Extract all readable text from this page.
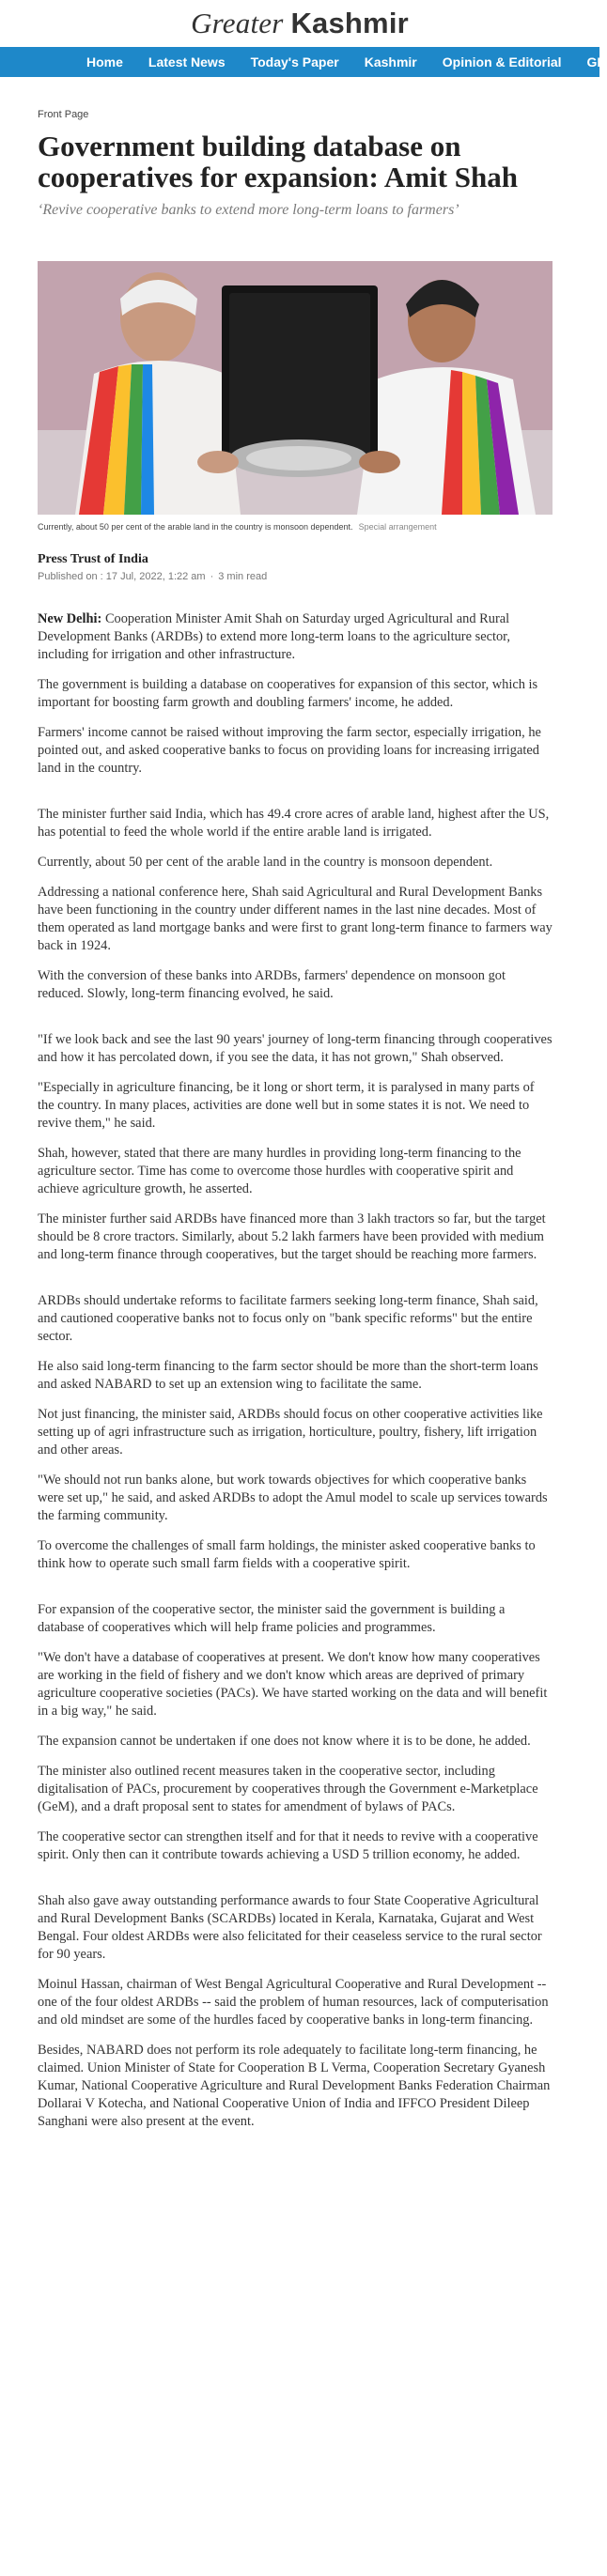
Greater Kashmir
Home Latest News Today's Paper Kashmir Opinion & Editorial GK
Front Page
Government building database on cooperatives for expansion: Amit Shah
‘Revive cooperative banks to extend more long-term loans to farmers’
Currently, about 50 per cent of the arable land in the country is monsoon dependent. Special arrangement
Press Trust of India
Published on : 17 Jul, 2022, 1:22 am · 3 min read

New Delhi: Cooperation Minister Amit Shah on Saturday urged Agricultural and Rural Development Banks (ARDBs) to extend more long-term loans to the agriculture sector, including for irrigation and other infrastructure.

The government is building a database on cooperatives for expansion of this sector, which is important for boosting farm growth and doubling farmers' income, he added.

Farmers' income cannot be raised without improving the farm sector, especially irrigation, he pointed out, and asked cooperative banks to focus on providing loans for increasing irrigated land in the country.

The minister further said India, which has 49.4 crore acres of arable land, highest after the US, has potential to feed the whole world if the entire arable land is irrigated.

Currently, about 50 per cent of the arable land in the country is monsoon dependent.

Addressing a national conference here, Shah said Agricultural and Rural Development Banks have been functioning in the country under different names in the last nine decades. Most of them operated as land mortgage banks and were first to grant long-term finance to farmers way back in 1924.

With the conversion of these banks into ARDBs, farmers' dependence on monsoon got reduced. Slowly, long-term financing evolved, he said.

"If we look back and see the last 90 years' journey of long-term financing through cooperatives and how it has percolated down, if you see the data, it has not grown," Shah observed.

"Especially in agriculture financing, be it long or short term, it is paralysed in many parts of the country. In many places, activities are done well but in some states it is not. We need to revive them," he said.

Shah, however, stated that there are many hurdles in providing long-term financing to the agriculture sector. Time has come to overcome those hurdles with cooperative spirit and achieve agriculture growth, he asserted.

The minister further said ARDBs have financed more than 3 lakh tractors so far, but the target should be 8 crore tractors. Similarly, about 5.2 lakh farmers have been provided with medium and long-term finance through cooperatives, but the target should be reaching more farmers.

ARDBs should undertake reforms to facilitate farmers seeking long-term finance, Shah said, and cautioned cooperative banks not to focus only on "bank specific reforms" but the entire sector.

He also said long-term financing to the farm sector should be more than the short-term loans and asked NABARD to set up an extension wing to facilitate the same.

Not just financing, the minister said, ARDBs should focus on other cooperative activities like setting up of agri infrastructure such as irrigation, horticulture, poultry, fishery, lift irrigation and other areas.

"We should not run banks alone, but work towards objectives for which cooperative banks were set up," he said, and asked ARDBs to adopt the Amul model to scale up services towards the farming community.

To overcome the challenges of small farm holdings, the minister asked cooperative banks to think how to operate such small farm fields with a cooperative spirit.

For expansion of the cooperative sector, the minister said the government is building a database of cooperatives which will help frame policies and programmes.

"We don't have a database of cooperatives at present. We don't know how many cooperatives are working in the field of fishery and we don't know which areas are deprived of primary agriculture cooperative societies (PACs). We have started working on the data and will benefit in a big way," he said.

The expansion cannot be undertaken if one does not know where it is to be done, he added.

The minister also outlined recent measures taken in the cooperative sector, including digitalisation of PACs, procurement by cooperatives through the Government e-Marketplace (GeM), and a draft proposal sent to states for amendment of bylaws of PACs.

The cooperative sector can strengthen itself and for that it needs to revive with a cooperative spirit. Only then can it contribute towards achieving a USD 5 trillion economy, he added.

Shah also gave away outstanding performance awards to four State Cooperative Agricultural and Rural Development Banks (SCARDBs) located in Kerala, Karnataka, Gujarat and West Bengal. Four oldest ARDBs were also felicitated for their ceaseless service to the rural sector for 90 years.

Moinul Hassan, chairman of West Bengal Agricultural Cooperative and Rural Development -- one of the four oldest ARDBs -- said the problem of human resources, lack of computerisation and old mindset are some of the hurdles faced by cooperative banks in long-term financing.

Besides, NABARD does not perform its role adequately to facilitate long-term financing, he claimed. Union Minister of State for Cooperation B L Verma, Cooperation Secretary Gyanesh Kumar, National Cooperative Agriculture and Rural Development Banks Federation Chairman Dollarai V Kotecha, and National Cooperative Union of India and IFFCO President Dileep Sanghani were also present at the event.
